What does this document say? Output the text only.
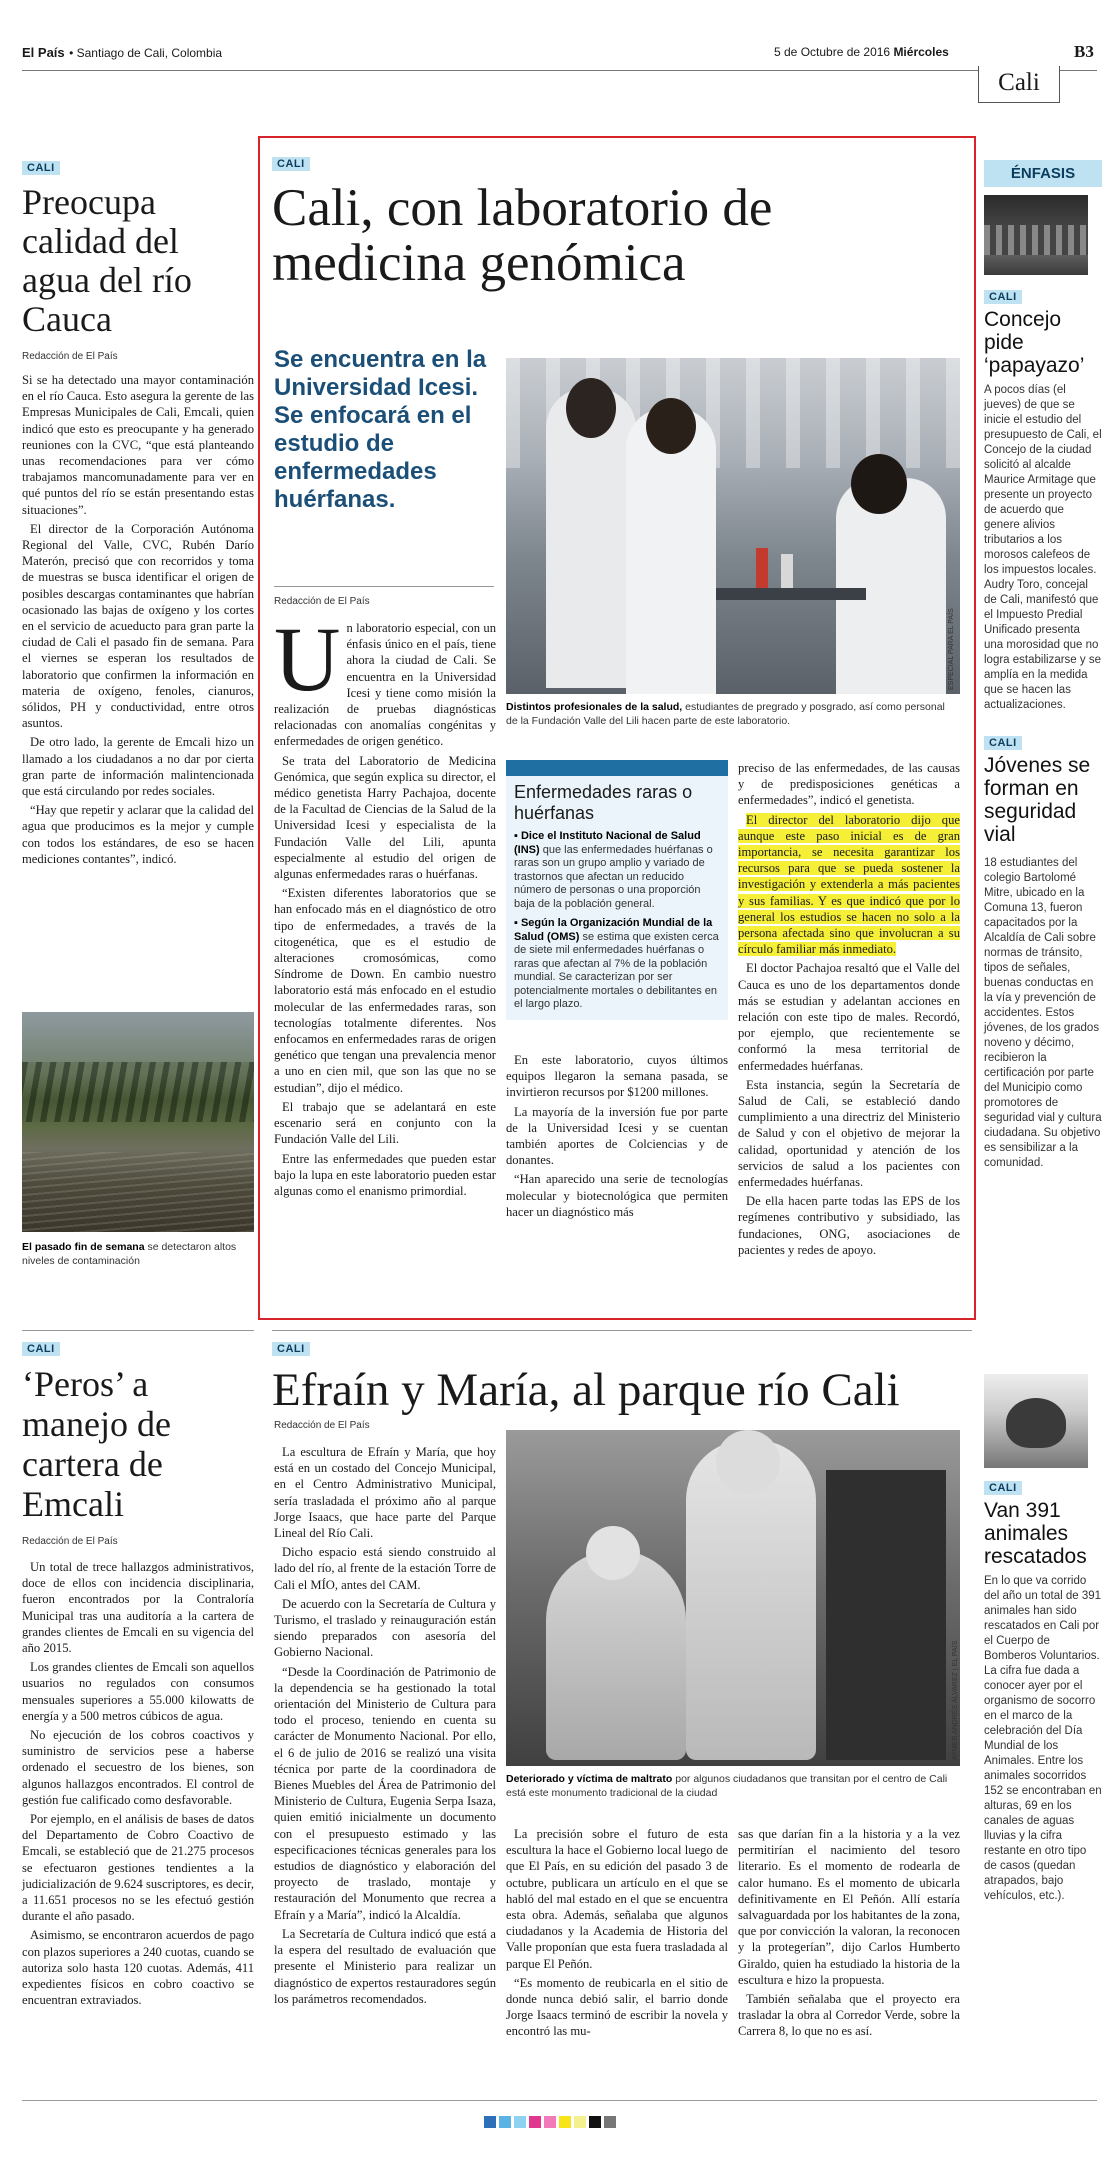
El País • Santiago de Cali, Colombia	5 de Octubre de 2016 Miércoles	B3
Cali
CALI
Preocupa calidad del agua del río Cauca
Redacción de El País

Si se ha detectado una mayor contaminación en el río Cauca. Esto asegura la gerente de las Empresas Municipales de Cali, Emcali, quien indicó que esto es preocupante y ha generado reuniones con la CVC, “que está planteando unas recomendaciones para ver cómo trabajamos mancomunadamente para ver en qué puntos del río se están presentando estas situaciones”.

El director de la Corporación Autónoma Regional del Valle, CVC, Rubén Darío Materón, precisó que con recorridos y toma de muestras se busca identificar el origen de posibles descargas contaminantes que habrían ocasionado las bajas de oxígeno y los cortes en el servicio de acueducto para gran parte la ciudad de Cali el pasado fin de semana. Para el viernes se esperan los resultados de laboratorio que confirmen la información en materia de oxígeno, fenoles, cianuros, sólidos, PH y conductividad, entre otros asuntos.

De otro lado, la gerente de Emcali hizo un llamado a los ciudadanos a no dar por cierta gran parte de información malintencionada que está circulando por redes sociales.

“Hay que repetir y aclarar que la calidad del agua que producimos es la mejor y cumple con todos los estándares, de eso se hacen mediciones contantes”, indicó.

El pasado fin de semana se detectaron altos niveles de contaminación
CALI
Cali, con laboratorio de medicina genómica
Se encuentra en la Universidad Icesi. Se enfocará en el estudio de enfermedades huérfanas.
Redacción de El País
U n laboratorio especial, con un énfasis único en el país, tiene ahora la ciudad de Cali. Se encuentra en la Universidad Icesi y tiene como misión la realización de pruebas diagnósticas relacionadas con anomalías congénitas y enfermedades de origen genético.

Se trata del Laboratorio de Medicina Genómica, que según explica su director, el médico genetista Harry Pachajoa, docente de la Facultad de Ciencias de la Salud de la Universidad Icesi y especialista de la Fundación Valle del Lili, apunta especialmente al estudio del origen de algunas enfermedades raras o huérfanas.

“Existen diferentes laboratorios que se han enfocado más en el diagnóstico de otro tipo de enfermedades, a través de la citogenética, que es el estudio de alteraciones cromosómicas, como Síndrome de Down. En cambio nuestro laboratorio está más enfocado en el estudio molecular de las enfermedades raras, son tecnologías totalmente diferentes. Nos enfocamos en enfermedades raras de origen genético que tengan una prevalencia menor a uno en cien mil, que son las que no se estudian”, dijo el médico.

El trabajo que se adelantará en este escenario será en conjunto con la Fundación Valle del Lili.

Entre las enfermedades que pueden estar bajo la lupa en este laboratorio pueden estar algunas como el enanismo primordial.

ESPECIAL PARA EL PAÍS
Distintos profesionales de la salud, estudiantes de pregrado y posgrado, así como personal de la Fundación Valle del Lili hacen parte de este laboratorio.
Enfermedades raras o huérfanas
▪ Dice el Instituto Nacional de Salud (INS) que las enfermedades huérfanas o raras son un grupo amplio y variado de trastornos que afectan un reducido número de personas o una proporción baja de la población general.
▪ Según la Organización Mundial de la Salud (OMS) se estima que existen cerca de siete mil enfermedades huérfanas o raras que afectan al 7% de la población mundial. Se caracterizan por ser potencialmente mortales o debilitantes en el largo plazo.

En este laboratorio, cuyos últimos equipos llegaron la semana pasada, se invirtieron recursos por $1200 millones.

La mayoría de la inversión fue por parte de la Universidad Icesi y se cuentan también aportes de Colciencias y de donantes.

“Han aparecido una serie de tecnologías molecular y biotecnológica que permiten hacer un diagnóstico más

preciso de las enfermedades, de las causas y de predisposiciones genéticas a enfermedades”, indicó el genetista.

El director del laboratorio dijo que aunque este paso inicial es de gran importancia, se necesita garantizar los recursos para que se pueda sostener la investigación y extenderla a más pacientes y sus familias. Y es que indicó que por lo general los estudios se hacen no solo a la persona afectada sino que involucran a su círculo familiar más inmediato.

El doctor Pachajoa resaltó que el Valle del Cauca es uno de los departamentos donde más se estudian y adelantan acciones en relación con este tipo de males. Recordó, por ejemplo, que recientemente se conformó la mesa territorial de enfermedades huérfanas.

Esta instancia, según la Secretaría de Salud de Cali, se estableció dando cumplimiento a una directriz del Ministerio de Salud y con el objetivo de mejorar la calidad, oportunidad y atención de los servicios de salud a los pacientes con enfermedades huérfanas.

De ella hacen parte todas las EPS de los regímenes contributivo y subsidiado, las fundaciones, ONG, asociaciones de pacientes y redes de apoyo.

ÉNFASIS
CALI
Concejo pide ‘papayazo’

A pocos días (el jueves) de que se inicie el estudio del presupuesto de Cali, el Concejo de la ciudad solicitó al alcalde Maurice Armitage que presente un proyecto de acuerdo que genere alivios tributarios a los morosos calefeos de los impuestos locales. Audry Toro, concejal de Cali, manifestó que el Impuesto Predial Unificado presenta una morosidad que no logra estabilizarse y se amplía en la medida que se hacen las actualizaciones.

CALI
Jóvenes se forman en seguridad vial

18 estudiantes del colegio Bartolomé Mitre, ubicado en la Comuna 13, fueron capacitados por la Alcaldía de Cali sobre normas de tránsito, tipos de señales, buenas conductas en la vía y prevención de accidentes. Estos jóvenes, de los grados noveno y décimo, recibieron la certificación por parte del Municipio como promotores de seguridad vial y cultura ciudadana. Su objetivo es sensibilizar a la comunidad.

CALI
Van 391 animales rescatados

En lo que va corrido del año un total de 391 animales han sido rescatados en Cali por el Cuerpo de Bomberos Voluntarios. La cifra fue dada a conocer ayer por el organismo de socorro en el marco de la celebración del Día Mundial de los Animales. Entre los animales socorridos 152 se encontraban en alturas, 69 en los canales de aguas lluvias y la cifra restante en otro tipo de casos (quedan atrapados, bajo vehículos, etc.).

CALI
‘Peros’ a manejo de cartera de Emcali
Redacción de El País

Un total de trece hallazgos administrativos, doce de ellos con incidencia disciplinaria, fueron encontrados por la Contraloría Municipal tras una auditoría a la cartera de grandes clientes de Emcali en su vigencia del año 2015.

Los grandes clientes de Emcali son aquellos usuarios no regulados con consumos mensuales superiores a 55.000 kilowatts de energía y a 500 metros cúbicos de agua.

No ejecución de los cobros coactivos y suministro de servicios pese a haberse ordenado el secuestro de los bienes, son algunos hallazgos encontrados. El control de gestión fue calificado como desfavorable.

Por ejemplo, en el análisis de bases de datos del Departamento de Cobro Coactivo de Emcali, se estableció que de 21.275 procesos se efectuaron gestiones tendientes a la judicialización de 9.624 suscriptores, es decir, a 11.651 procesos no se les efectuó gestión durante el año pasado.

Asimismo, se encontraron acuerdos de pago con plazos superiores a 240 cuotas, cuando se autoriza solo hasta 120 cuotas. Además, 411 expedientes físicos en cobro coactivo se encuentran extraviados.

CALI
Efraín y María, al parque río Cali
Redacción de El País

La escultura de Efraín y María, que hoy está en un costado del Concejo Municipal, en el Centro Administrativo Municipal, sería trasladada el próximo año al parque Jorge Isaacs, que hace parte del Parque Lineal del Río Cali.

Dicho espacio está siendo construido al lado del río, al frente de la estación Torre de Cali el MÍO, antes del CAM.

De acuerdo con la Secretaría de Cultura y Turismo, el traslado y reinauguración están siendo preparados con asesoría del Gobierno Nacional.

“Desde la Coordinación de Patrimonio de la dependencia se ha gestionado la total orientación del Ministerio de Cultura para todo el proceso, teniendo en cuenta su carácter de Monumento Nacional. Por ello, el 6 de julio de 2016 se realizó una visita técnica por parte de la coordinadora de Bienes Muebles del Área de Patrimonio del Ministerio de Cultura, Eugenia Serpa Isaza, quien emitió inicialmente un documento con el presupuesto estimado y las especificaciones técnicas generales para los estudios de diagnóstico y elaboración del proyecto de traslado, montaje y restauración del Monumento que recrea a Efraín y a María”, indicó la Alcaldía.

La Secretaría de Cultura indicó que está a la espera del resultado de evaluación que presente el Ministerio para realizar un diagnóstico de expertos restauradores según los parámetros recomendados.

AYMER ANDRÉS ÁLVAREZ | EL PAÍS
Deteriorado y víctima de maltrato por algunos ciudadanos que transitan por el centro de Cali está este monumento tradicional de la ciudad

La precisión sobre el futuro de esta escultura la hace el Gobierno local luego de que El País, en su edición del pasado 3 de octubre, publicara un artículo en el que se habló del mal estado en el que se encuentra esta obra. Además, señalaba que algunos ciudadanos y la Academia de Historia del Valle proponían que esta fuera trasladada al parque El Peñón.

“Es momento de reubicarla en el sitio de donde nunca debió salir, el barrio donde Jorge Isaacs terminó de escribir la novela y encontró las mu-

sas que darían fin a la historia y a la vez permitirían el nacimiento del tesoro literario. Es el momento de rodearla de calor humano. Es el momento de ubicarla definitivamente en El Peñón. Allí estaría salvaguardada por los habitantes de la zona, que por convicción la valoran, la reconocen y la protegerían”, dijo Carlos Humberto Giraldo, quien ha estudiado la historia de la escultura e hizo la propuesta.

También señalaba que el proyecto era trasladar la obra al Corredor Verde, sobre la Carrera 8, lo que no es así.
